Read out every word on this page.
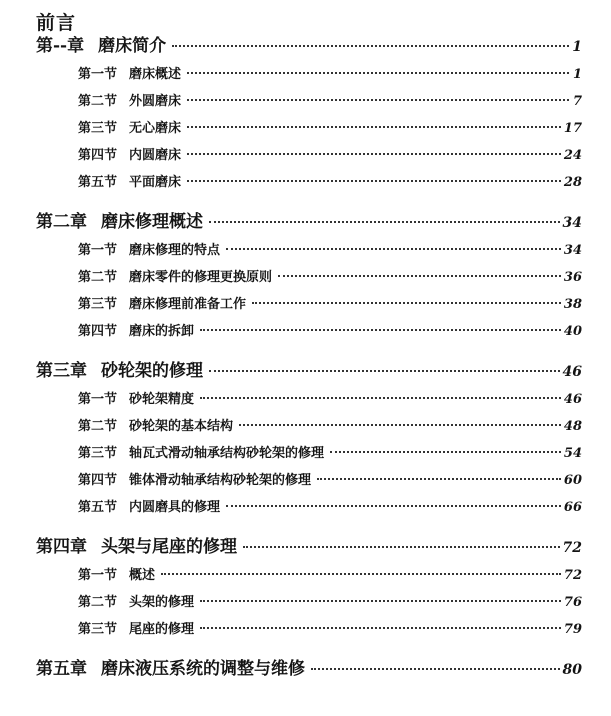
前言
第--章 磨床简介	1
第一节 磨床概述	1
第二节 外圆磨床	7
第三节 无心磨床	17
第四节 内圆磨床	24
第五节 平面磨床	28
第二章 磨床修理概述	34
第一节 磨床修理的特点	34
第二节 磨床零件的修理更换原则	36
第三节 磨床修理前准备工作	38
第四节 磨床的拆卸	40
第三章 砂轮架的修理	46
第一节 砂轮架精度	46
第二节 砂轮架的基本结构	48
第三节 轴瓦式滑动轴承结构砂轮架的修理	54
第四节 锥体滑动轴承结构砂轮架的修理	60
第五节 内圆磨具的修理	66
第四章 头架与尾座的修理	72
第一节 概述	72
第二节 头架的修理	76
第三节 尾座的修理	79
第五章 磨床液压系统的调整与维修	80
